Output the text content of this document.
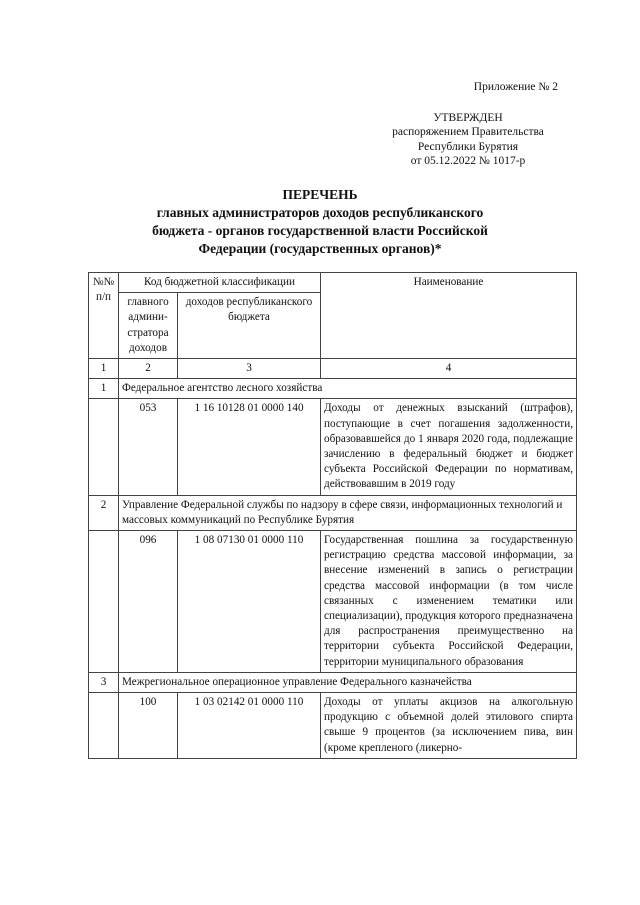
Приложение № 2
УТВЕРЖДЕН
распоряжением Правительства
Республики Бурятия
от 05.12.2022 № 1017-р
ПЕРЕЧЕНЬ
главных администраторов доходов республиканского
бюджета - органов государственной власти Российской
Федерации (государственных органов)*
№№ п/п	Код бюджетной классификации		Наименование
	главного админи-стратора доходов	доходов республиканского бюджета	
1	2	3	4
1	Федеральное агентство лесного хозяйства		
	053	1 16 10128 01 0000 140	Доходы от денежных взысканий (штрафов), поступающие в счет погашения задолженности, образовавшейся до 1 января 2020 года, подлежащие зачислению в федеральный бюджет и бюджет субъекта Российской Федерации по нормативам, действовавшим в 2019 году
2	Управление Федеральной службы по надзору в сфере связи, информационных технологий и массовых коммуникаций по Республике Бурятия		
	096	1 08 07130 01 0000 110	Государственная пошлина за государственную регистрацию средства массовой информации, за внесение изменений в запись о регистрации средства массовой информации (в том числе связанных с изменением тематики или специализации), продукция которого предназначена для распространения преимущественно на территории субъекта Российской Федерации, территории муниципального образования
3	Межрегиональное операционное управление Федерального казначейства		
	100	1 03 02142 01 0000 110	Доходы от уплаты акцизов на алкогольную продукцию с объемной долей этилового спирта свыше 9 процентов (за исключением пива, вин (кроме крепленого (ликерно-
